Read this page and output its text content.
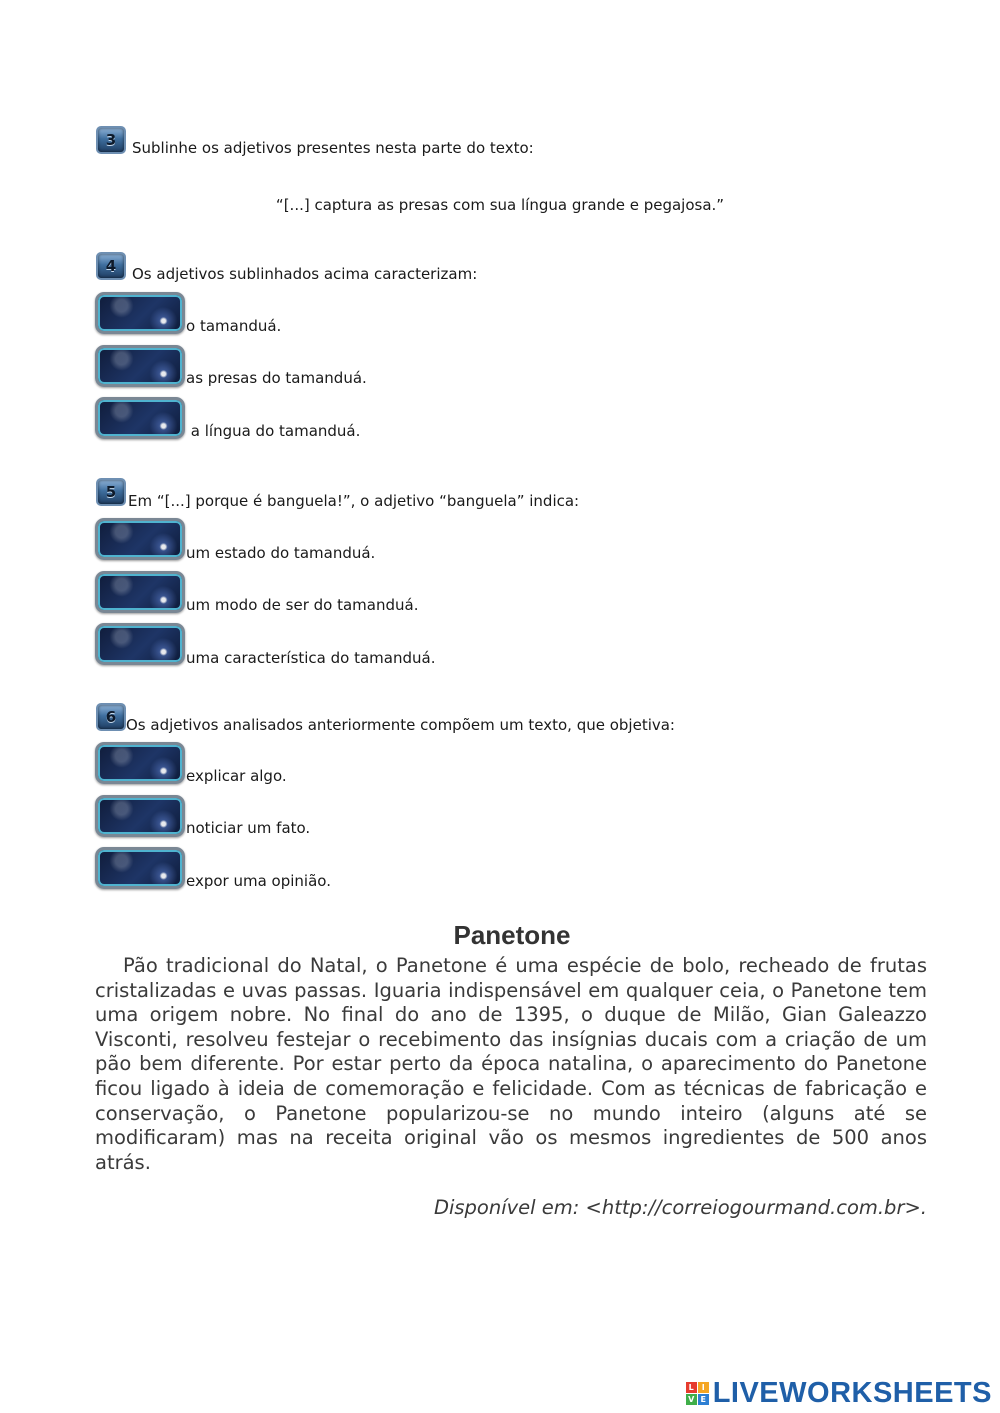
3	Sublinhe os adjetivos presentes nesta parte do texto:
“[...] captura as presas com sua língua grande e pegajosa.”
4	Os adjetivos sublinhados acima caracterizam:
o tamanduá.
as presas do tamanduá.
a língua do tamanduá.
5 Em “[...] porque é banguela!”, o adjetivo “banguela” indica:
um estado do tamanduá.
um modo de ser do tamanduá.
uma característica do tamanduá.
6 Os adjetivos analisados anteriormente compõem um texto, que objetiva:
explicar algo.
noticiar um fato.
expor uma opinião.
Panetone

Pão tradicional do Natal, o Panetone é uma espécie de bolo, recheado de frutas cristalizadas e uvas passas. Iguaria indispensável em qualquer ceia, o Panetone tem uma origem nobre. No final do ano de 1395, o duque de Milão, Gian Galeazzo Visconti, resolveu festejar o recebimento das insígnias ducais com a criação de um pão bem diferente. Por estar perto da época natalina, o aparecimento do Panetone ficou ligado à ideia de comemoração e felicidade. Com as técnicas de fabricação e conservação, o Panetone popularizou-se no mundo inteiro (alguns até se modificaram) mas na receita original vão os mesmos ingredientes de 500 anos atrás.

Disponível em: <http://correiogourmand.com.br>.
L I
V E LIVEWORKSHEETS
